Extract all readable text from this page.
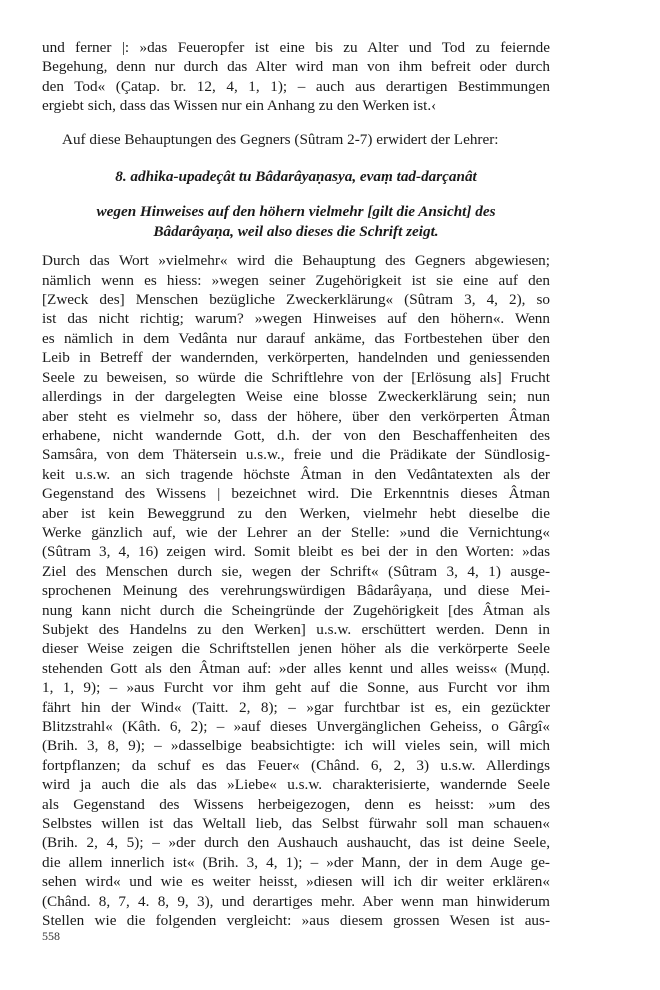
und ferner |: »das Feueropfer ist eine bis zu Alter und Tod zu feiernde
Begehung, denn nur durch das Alter wird man von ihm befreit oder durch
den Tod« (Çatap. br. 12, 4, 1, 1); – auch aus derartigen Bestimmungen
ergiebt sich, dass das Wissen nur ein Anhang zu den Werken ist.‹
Auf diese Behauptungen des Gegners (Sûtram 2-7) erwidert der Lehrer:
8. adhika-upadeçât tu Bâdarâyaṇasya, evaṃ tad-darçanât
wegen Hinweises auf den höhern vielmehr [gilt die Ansicht] des
Bâdarâyaṇa, weil also dieses die Schrift zeigt.
Durch das Wort »vielmehr« wird die Behauptung des Gegners abgewiesen;
nämlich wenn es hiess: »wegen seiner Zugehörigkeit ist sie eine auf den
[Zweck des] Menschen bezügliche Zweckerklärung« (Sûtram 3, 4, 2), so
ist das nicht richtig; warum? »wegen Hinweises auf den höhern«. Wenn
es nämlich in dem Vedânta nur darauf ankäme, das Fortbestehen über den
Leib in Betreff der wandernden, verkörperten, handelnden und geniessenden
Seele zu beweisen, so würde die Schriftlehre von der [Erlösung als] Frucht
allerdings in der dargelegten Weise eine blosse Zweckerklärung sein; nun
aber steht es vielmehr so, dass der höhere, über den verkörperten Âtman
erhabene, nicht wandernde Gott, d.h. der von den Beschaffenheiten des
Samsâra, von dem Thätersein u.s.w., freie und die Prädikate der Sündlosig-
keit u.s.w. an sich tragende höchste Âtman in den Vedântatexten als der
Gegenstand des Wissens | bezeichnet wird. Die Erkenntnis dieses Âtman
aber ist kein Beweggrund zu den Werken, vielmehr hebt dieselbe die
Werke gänzlich auf, wie der Lehrer an der Stelle: »und die Vernichtung«
(Sûtram 3, 4, 16) zeigen wird. Somit bleibt es bei der in den Worten: »das
Ziel des Menschen durch sie, wegen der Schrift« (Sûtram 3, 4, 1) ausge-
sprochenen Meinung des verehrungswürdigen Bâdarâyaṇa, und diese Mei-
nung kann nicht durch die Scheingründe der Zugehörigkeit [des Âtman als
Subjekt des Handelns zu den Werken] u.s.w. erschüttert werden. Denn in
dieser Weise zeigen die Schriftstellen jenen höher als die verkörperte Seele
stehenden Gott als den Âtman auf: »der alles kennt und alles weiss« (Muṇḍ.
1, 1, 9); – »aus Furcht vor ihm geht auf die Sonne, aus Furcht vor ihm
fährt hin der Wind« (Taitt. 2, 8); – »gar furchtbar ist es, ein gezückter
Blitzstrahl« (Kâth. 6, 2); – »auf dieses Unvergänglichen Geheiss, o Gârgî«
(Brih. 3, 8, 9); – »dasselbige beabsichtigte: ich will vieles sein, will mich
fortpflanzen; da schuf es das Feuer« (Chând. 6, 2, 3) u.s.w. Allerdings
wird ja auch die als das »Liebe« u.s.w. charakterisierte, wandernde Seele
als Gegenstand des Wissens herbeigezogen, denn es heisst: »um des
Selbstes willen ist das Weltall lieb, das Selbst fürwahr soll man schauen«
(Brih. 2, 4, 5); – »der durch den Aushauch aushaucht, das ist deine Seele,
die allem innerlich ist« (Brih. 3, 4, 1); – »der Mann, der in dem Auge ge-
sehen wird« und wie es weiter heisst, »diesen will ich dir weiter erklären«
(Chând. 8, 7, 4. 8, 9, 3), und derartiges mehr. Aber wenn man hinwiderum
Stellen wie die folgenden vergleicht: »aus diesem grossen Wesen ist aus-
558
